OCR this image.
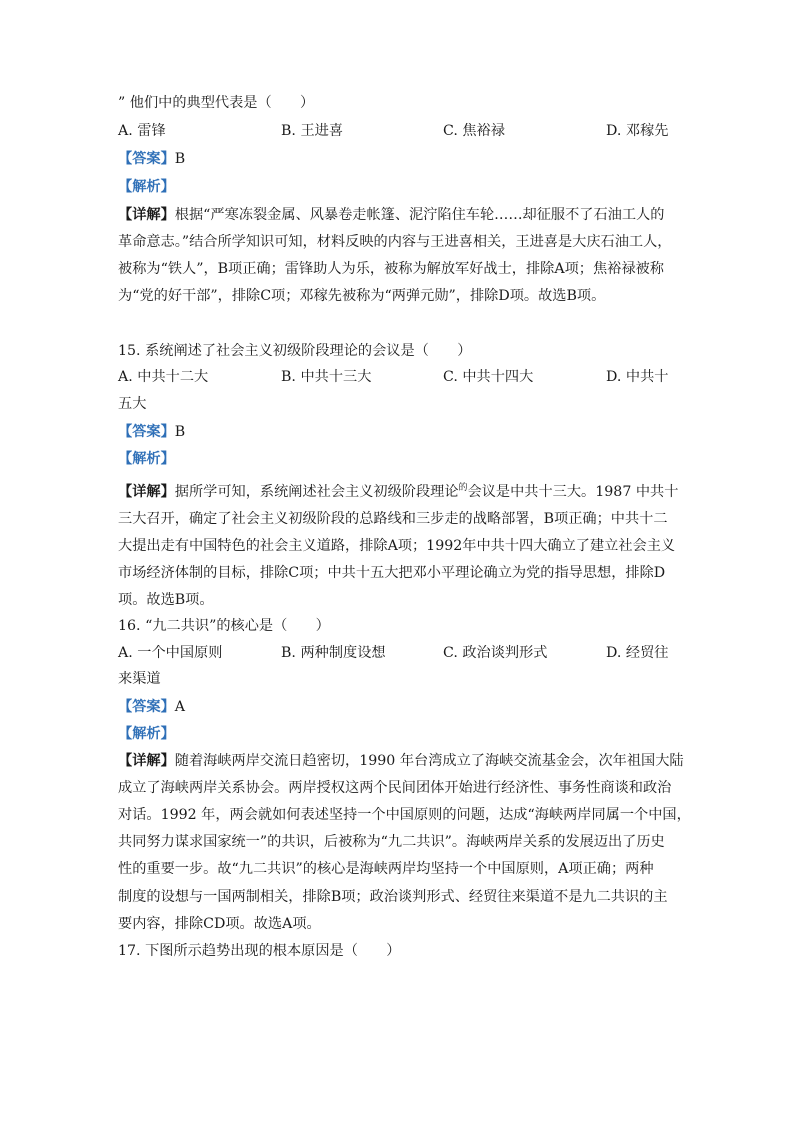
” 他们中的典型代表是（　　）
A. 雷锋	B. 王进喜	C. 焦裕禄	D. 邓稼先
【答案】B
【解析】
【详解】根据“严寒冻裂金属、风暴卷走帐篷、泥泞陷住车轮……却征服不了石油工人的
革命意志。”结合所学知识可知，材料反映的内容与王进喜相关，王进喜是大庆石油工人，
被称为“铁人”，B项正确；雷锋助人为乐，被称为解放军好战士，排除A项；焦裕禄被称
为“党的好干部”，排除C项；邓稼先被称为“两弹元勋”，排除D项。故选B项。
15. 系统阐述了社会主义初级阶段理论的会议是（　　）
A. 中共十二大	B. 中共十三大	C. 中共十四大	D. 中共十
五大
【答案】B
【解析】
【详解】据所学可知，系统阐述社会主义初级阶段理论$^的$会议是中共十三大。1987 中共十
三大召开，确定了社会主义初级阶段的总路线和三步走的战略部署，B项正确；中共十二
大提出走有中国特色的社会主义道路，排除A项；1992年中共十四大确立了建立社会主义
市场经济体制的目标，排除C项；中共十五大把邓小平理论确立为党的指导思想，排除D
项。故选B项。
16. “九二共识”的核心是（　　）
A. 一个中国原则	B. 两种制度设想	C. 政治谈判形式	D. 经贸往
来渠道
【答案】A
【解析】
【详解】随着海峡两岸交流日趋密切，1990 年台湾成立了海峡交流基金会，次年祖国大陆
成立了海峡两岸关系协会。两岸授权这两个民间团体开始进行经济性、事务性商谈和政治
对话。1992 年，两会就如何表述坚持一个中国原则的问题，达成“海峡两岸同属一个中国，
共同努力谋求国家统一”的共识，后被称为“九二共识”。海峡两岸关系的发展迈出了历史
性的重要一步。故“九二共识”的核心是海峡两岸均坚持一个中国原则，A项正确；两种
制度的设想与一国两制相关，排除B项；政治谈判形式、经贸往来渠道不是九二共识的主
要内容，排除CD项。故选A项。
17. 下图所示趋势出现的根本原因是（　　）
